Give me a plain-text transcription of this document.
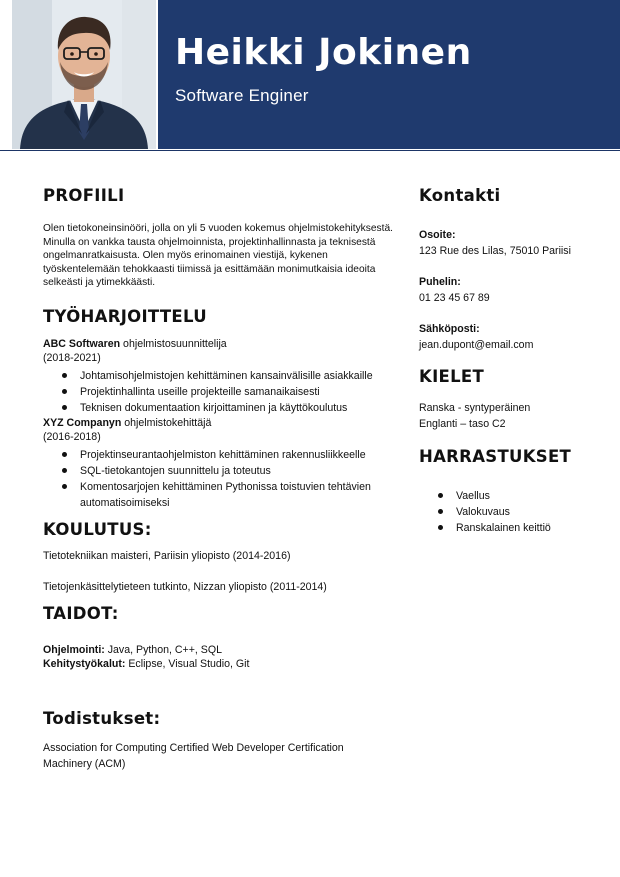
Heikki Jokinen
Software Enginer
PROFIILI
Olen tietokoneinsinööri, jolla on yli 5 vuoden kokemus ohjelmistokehityksestä. Minulla on vankka tausta ohjelmoinnista, projektinhallinnasta ja teknisestä ongelmanratkaisusta. Olen myös erinomainen viestijä, kykenen työskentelemään tehokkaasti tiimissä ja esittämään monimutkaisia ideoita selkeästi ja ytimekkäästi.
TYÖHARJOITTELU
ABC Softwaren ohjelmistosuunnittelija
(2018-2021)
Johtamisohjelmistojen kehittäminen kansainvälisille asiakkaille
Projektinhallinta useille projekteille samanaikaisesti
Teknisen dokumentaation kirjoittaminen ja käyttökoulutus
XYZ Companyn ohjelmistokehittäjä
(2016-2018)
Projektinseurantaohjelmiston kehittäminen rakennusliikkeelle
SQL-tietokantojen suunnittelu ja toteutus
Komentosarjojen kehittäminen Pythonissa toistuvien tehtävien automatisoimiseksi
KOULUTUS:
Tietotekniikan maisteri, Pariisin yliopisto (2014-2016)
Tietojenkäsittelytieteen tutkinto, Nizzan yliopisto (2011-2014)
TAIDOT:
Ohjelmointi: Java, Python, C++, SQL
Kehitystyökalut: Eclipse, Visual Studio, Git
Todistukset:
Association for Computing Certified Web Developer Certification Machinery (ACM)
Kontakti
Osoite:
123 Rue des Lilas, 75010 Pariisi
Puhelin:
01 23 45 67 89
Sähköposti:
jean.dupont@email.com
KIELET
Ranska - syntyperäinen
Englanti – taso C2
HARRASTUKSET
Vaellus
Valokuvaus
Ranskalainen keittiö
